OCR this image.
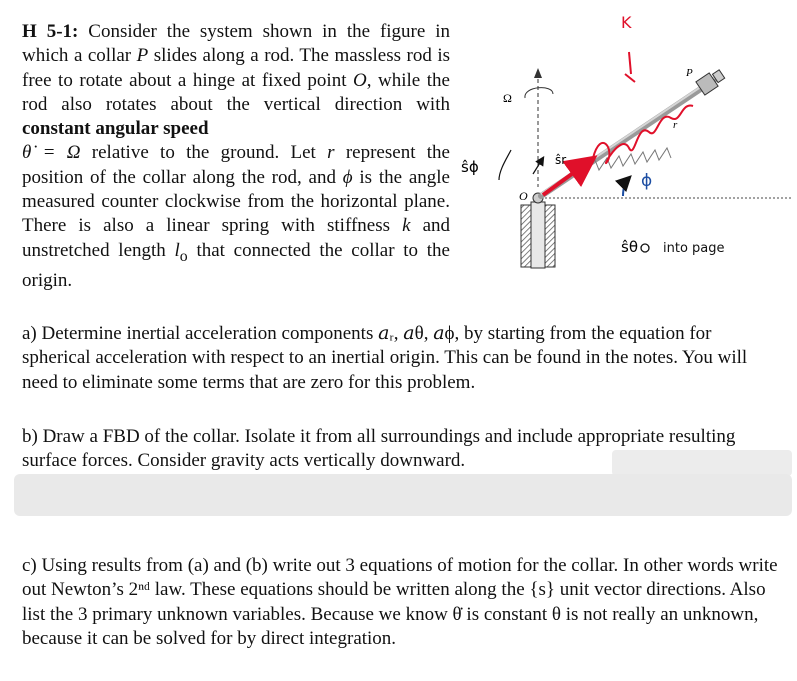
H 5-1: Consider the system shown in the figure in which a collar P slides along a rod. The massless rod is free to rotate about a hinge at fixed point O, while the rod also rotates about the vertical direction with constant angular speed
θ̇ = Ω relative to the ground. Let r represent the position of the collar along the rod, and ϕ is the angle measured counter clockwise from the horizontal plane. There is also a linear spring with stiffness k and unstretched length $l_o$ that connected the collar to the origin.
Ω
O
P
r
K
ŝr
ŝϕ
ϕ
ŝθ into page
a) Determine inertial acceleration components 𝑎ᵣ, 𝑎θ, 𝑎ϕ, by starting from the equation for spherical acceleration with respect to an inertial origin. This can be found in the notes. You will need to eliminate some terms that are zero for this problem.
b) Draw a FBD of the collar. Isolate it from all surroundings and include appropriate resulting surface forces. Consider gravity acts vertically downward.
c) Using results from (a) and (b) write out 3 equations of motion for the collar. In other words write out Newton’s 2ⁿᵈ law. These equations should be written along the {s} unit vector directions. Also list the 3 primary unknown variables. Because we know θ̇ is constant θ is not really an unknown, because it can be solved for by direct integration.
